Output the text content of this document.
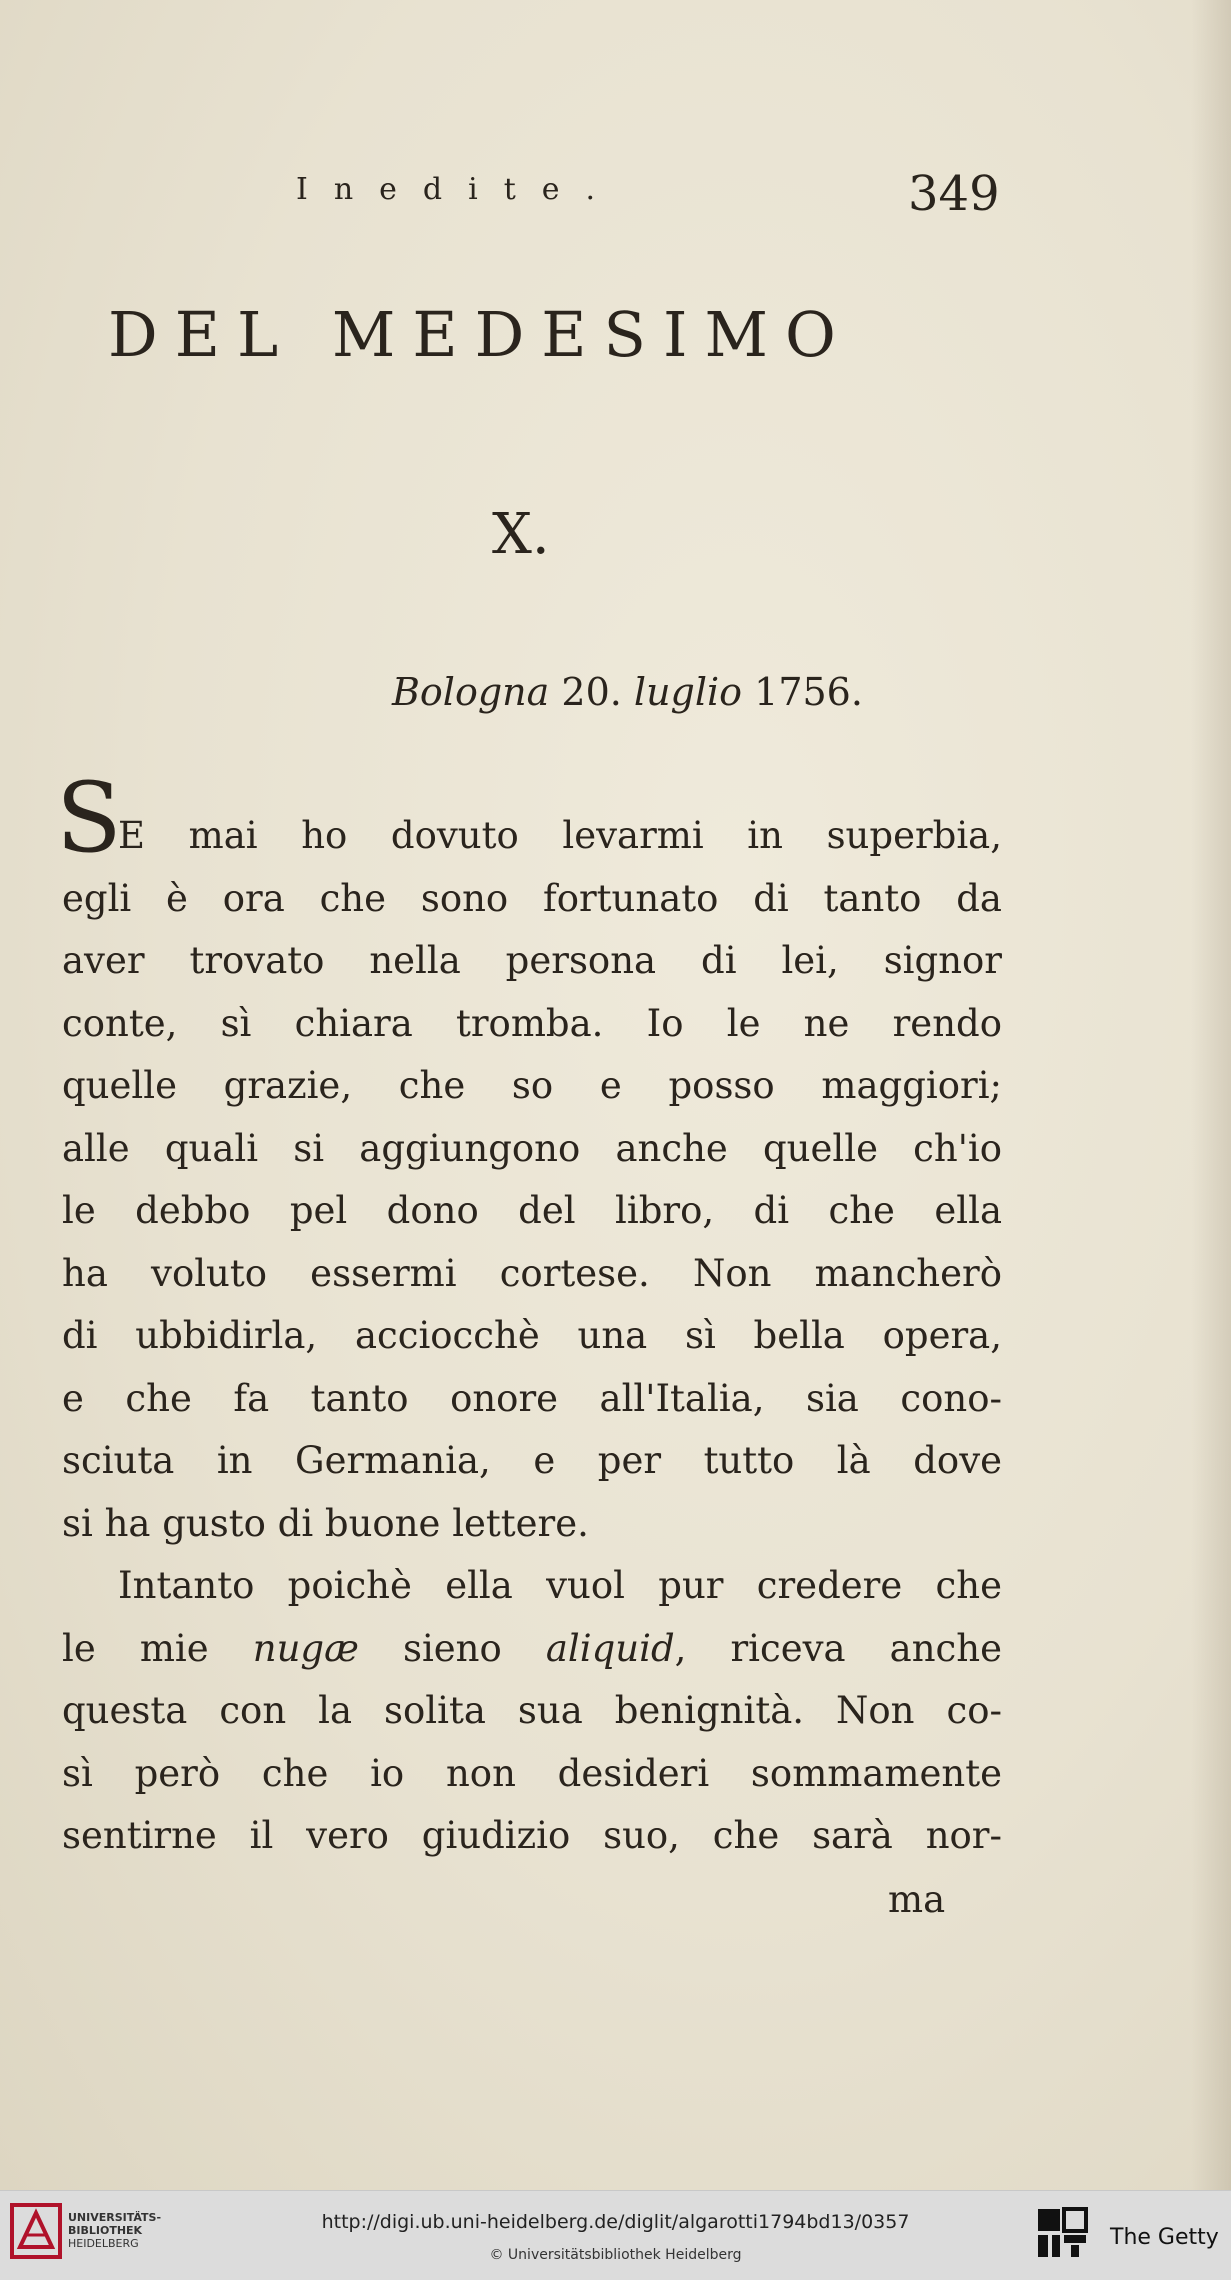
Inedite.	349
DEL MEDESIMO
X.
Bologna 20. luglio 1756.
S
E mai ho dovuto levarmi in superbia,
egli è ora che sono fortunato di tanto da
aver trovato nella persona di lei, signor
conte, sì chiara tromba. Io le ne rendo
quelle grazie, che so e posso maggiori;
alle quali si aggiungono anche quelle ch'io
le debbo pel dono del libro, di che ella
ha voluto essermi cortese. Non mancherò
di ubbidirla, acciocchè una sì bella opera,
e che fa tanto onore all'Italia, sia cono-
sciuta in Germania, e per tutto là dove
si ha gusto di buone lettere.
Intanto poichè ella vuol pur credere che
le mie nugæ sieno aliquid, riceva anche
questa con la solita sua benignità. Non co-
sì però che io non desideri sommamente
sentirne il vero giudizio suo, che sarà nor-
ma
UNIVERSITÄTS-
BIBLIOTHEK
HEIDELBERG
http://digi.ub.uni-heidelberg.de/diglit/algarotti1794bd13/0357
© Universitätsbibliothek Heidelberg
The Getty
